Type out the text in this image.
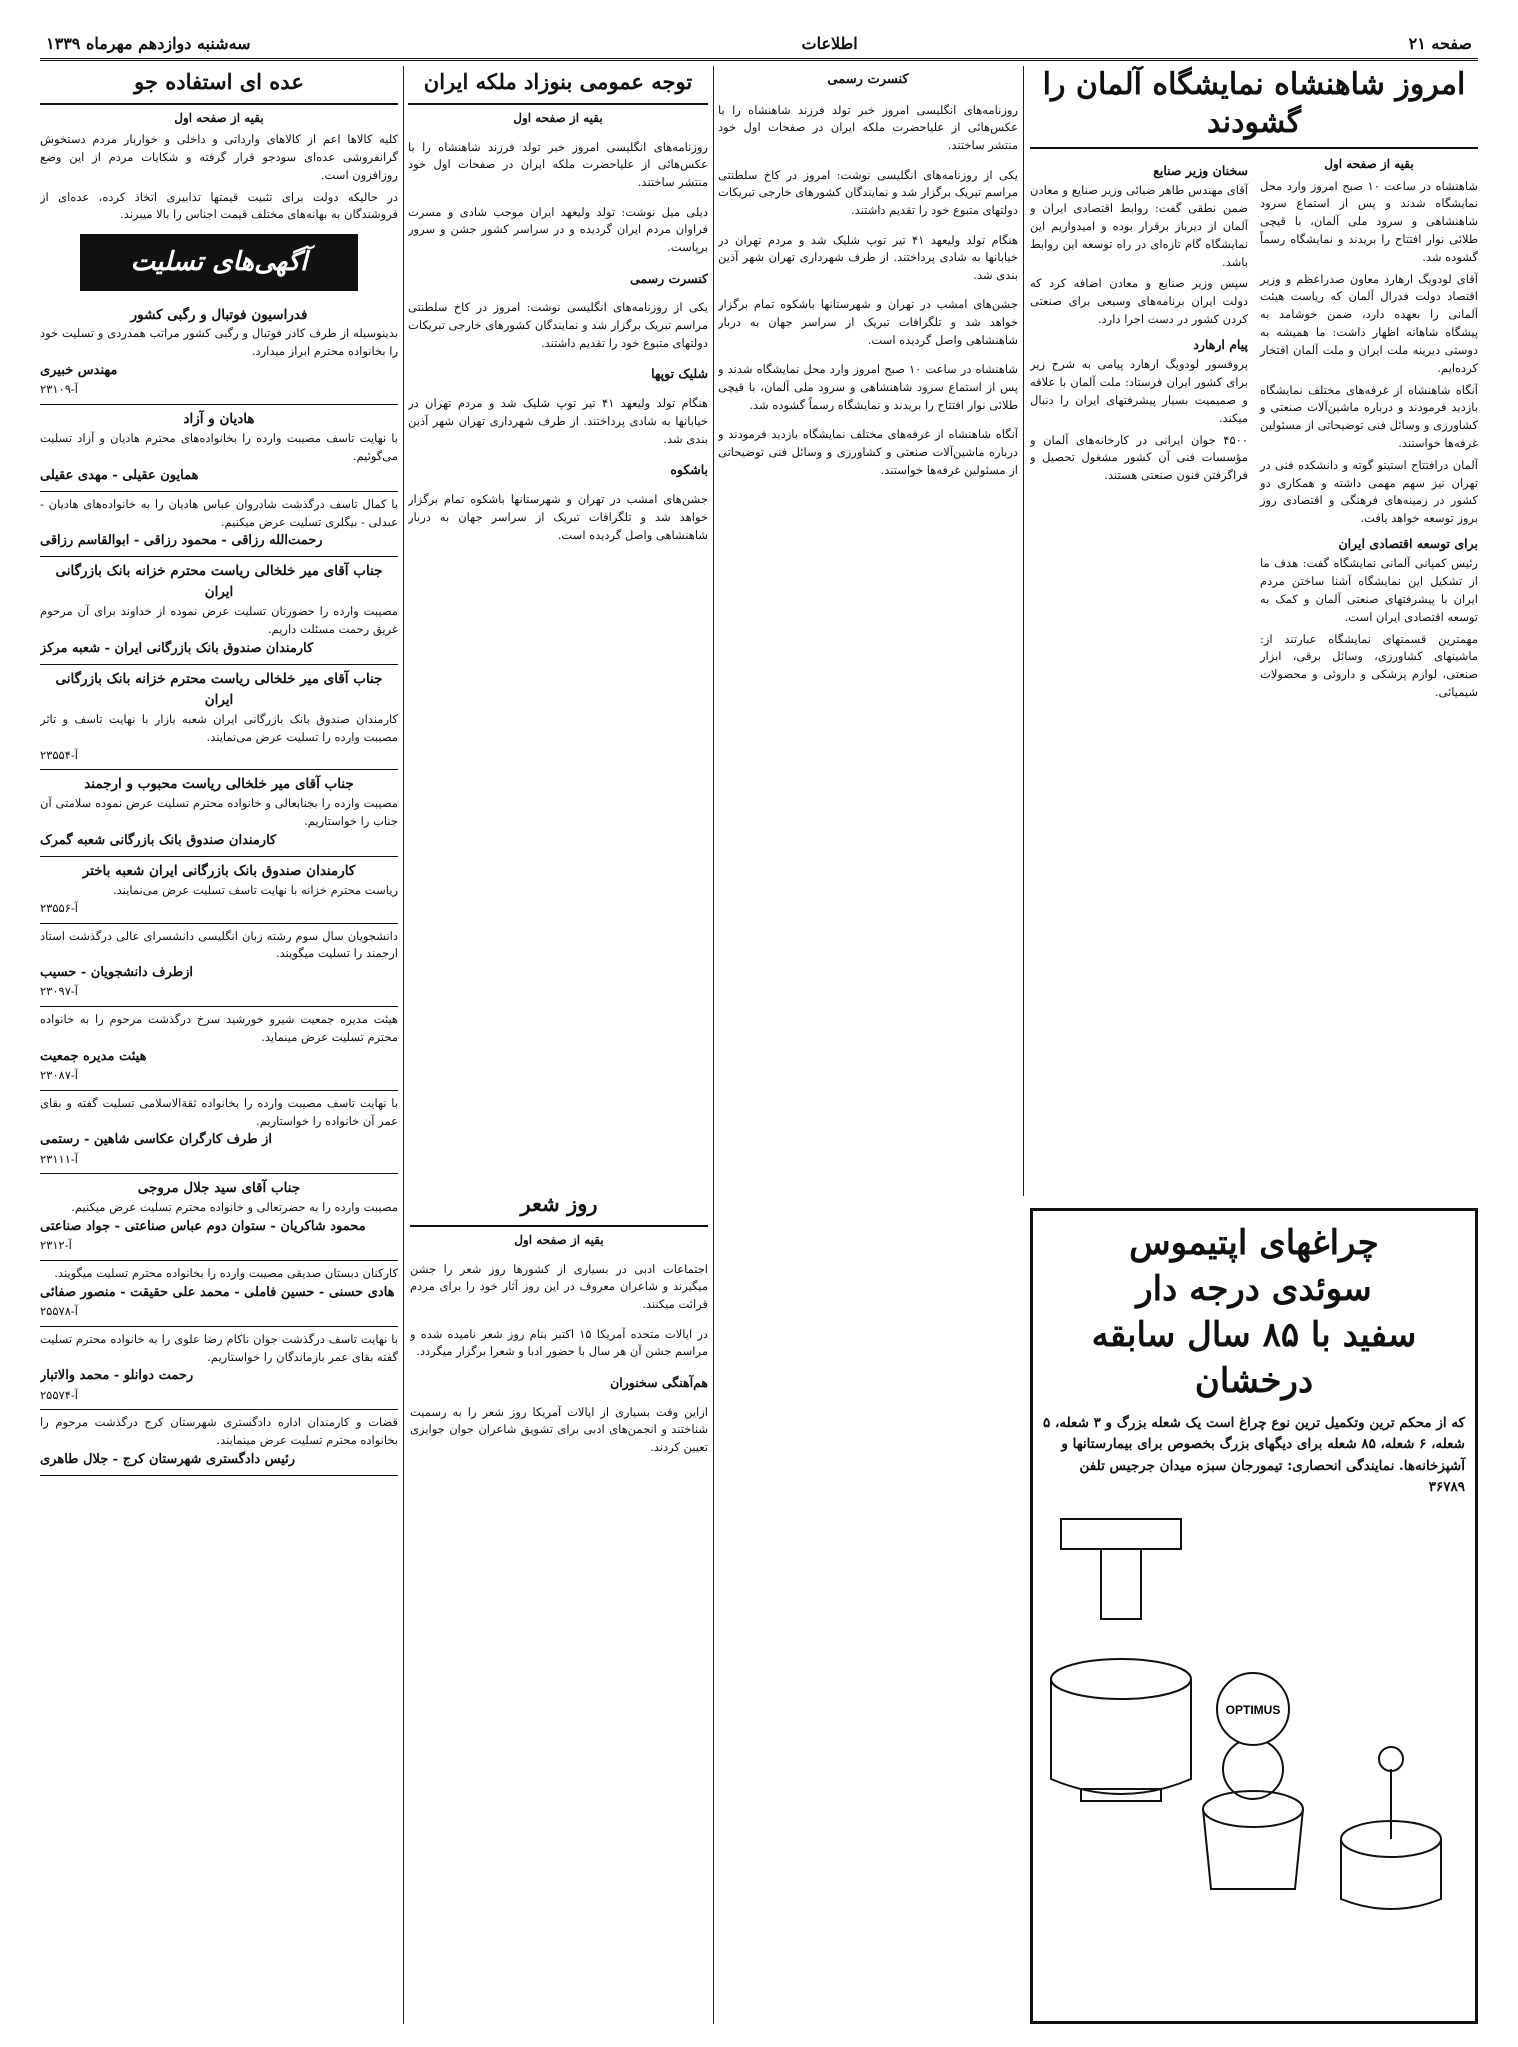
صفحه ۲۱
اطلاعات
سه‌شنبه دوازدهم مهرماه ۱۳۳۹
امروز شاهنشاه نمایشگاه آلمان را گشودند
بقیه از صفحه اول

شاهنشاه در ساعت ۱۰ صبح امروز وارد محل نمایشگاه شدند و پس از استماع سرود شاهنشاهی و سرود ملی آلمان، با قیچی طلائی نوار افتتاح را بریدند و نمایشگاه رسماً گشوده شد.

آقای لودویگ ارهارد معاون صدراعظم و وزیر اقتصاد دولت فدرال آلمان که ریاست هیئت آلمانی را بعهده دارد، ضمن خوشامد به پیشگاه شاهانه اظهار داشت: ما همیشه به دوستی دیرینه ملت ایران و ملت آلمان افتخار کرده‌ایم.

آنگاه شاهنشاه از غرفه‌های مختلف نمایشگاه بازدید فرمودند و درباره ماشین‌آلات صنعتی و کشاورزی و وسائل فنی توضیحاتی از مسئولین غرفه‌ها خواستند.

آلمان درافتتاح استیتو گوته و دانشکده فنی در تهران نیز سهم مهمی داشته و همکاری دو کشور در زمینه‌های فرهنگی و اقتصادی روز بروز توسعه خواهد یافت.

برای توسعه اقتصادی ایران

رئیس کمپانی آلمانی نمایشگاه گفت: هدف ما از تشکیل این نمایشگاه آشنا ساختن مردم ایران با پیشرفتهای صنعتی آلمان و کمک به توسعه اقتصادی ایران است.

مهمترین قسمتهای نمایشگاه عبارتند از: ماشینهای کشاورزی، وسائل برقی، ابزار صنعتی، لوازم پزشکی و داروئی و محصولات شیمیائی.

سخنان وزیر صنایع

آقای مهندس طاهر ضیائی وزیر صنایع و معادن ضمن نطقی گفت: روابط اقتصادی ایران و آلمان از دیرباز برقرار بوده و امیدواریم این نمایشگاه گام تازه‌ای در راه توسعه این روابط باشد.

سپس وزیر صنایع و معادن اضافه کرد که دولت ایران برنامه‌های وسیعی برای صنعتی کردن کشور در دست اجرا دارد.

پیام ارهارد

پروفسور لودویگ ارهارد پیامی به شرح زیر برای کشور ایران فرستاد: ملت آلمان با علاقه و صمیمیت بسیار پیشرفتهای ایران را دنبال میکند.

۴۵۰۰ جوان ایرانی در کارخانه‌های آلمان و مؤسسات فنی آن کشور مشغول تحصیل و فراگرفتن فنون صنعتی هستند.

چراغهای اپتیموس
سوئدی درجه دار
سفید با ۸۵ سال سابقه
درخشان
که از محکم ترین وتکمیل ترین نوع چراغ است یک شعله بزرگ و ۳ شعله، ۵ شعله، ۶ شعله، ۸۵ شعله برای دیگهای بزرگ بخصوص برای بیمارستانها و آشپزخانه‌ها. نمایندگی انحصاری: تیمورجان سبزه میدان جرجیس تلفن ۳۶۷۸۹
OPTIMUS
روز شعر
بقیه از صفحه اول

اجتماعات ادبی در بسیاری از کشورها روز شعر را جشن میگیرند و شاعران معروف در این روز آثار خود را برای مردم قرائت میکنند.

در ایالات متحده آمریکا ۱۵ اکتبر بنام روز شعر نامیده شده و مراسم جشن آن هر سال با حضور ادبا و شعرا برگزار میگردد.

هم‌آهنگی سخنوران

ازاین وقت بسیاری از ایالات آمریکا روز شعر را به رسمیت شناختند و انجمن‌های ادبی برای تشویق شاعران جوان جوایزی تعیین کردند.

توجه عمومی بنوزاد ملکه ایران
بقیه از صفحه اول

روزنامه‌های انگلیسی امروز خبر تولد فرزند شاهنشاه را با عکس‌هائی از علیاحضرت ملکه ایران در صفحات اول خود منتشر ساختند.

دیلی میل نوشت: تولد ولیعهد ایران موجب شادی و مسرت فراوان مردم ایران گردیده و در سراسر کشور جشن و سرور برپاست.

کنسرت رسمی

یکی از روزنامه‌های انگلیسی نوشت: امروز در کاخ سلطنتی مراسم تبریک برگزار شد و نمایندگان کشورهای خارجی تبریکات دولتهای متبوع خود را تقدیم داشتند.

شلیک توپها

هنگام تولد ولیعهد ۴۱ تیر توپ شلیک شد و مردم تهران در خیابانها به شادی پرداختند. از طرف شهرداری تهران شهر آذین بندی شد.

باشکوه

جشن‌های امشب در تهران و شهرستانها باشکوه تمام برگزار خواهد شد و تلگرافات تبریک از سراسر جهان به دربار شاهنشاهی واصل گردیده است.

کنسرت رسمی

روزنامه‌های انگلیسی امروز خبر تولد فرزند شاهنشاه را با عکس‌هائی از علیاحضرت ملکه ایران در صفحات اول خود منتشر ساختند.

یکی از روزنامه‌های انگلیسی نوشت: امروز در کاخ سلطنتی مراسم تبریک برگزار شد و نمایندگان کشورهای خارجی تبریکات دولتهای متبوع خود را تقدیم داشتند.

هنگام تولد ولیعهد ۴۱ تیر توپ شلیک شد و مردم تهران در خیابانها به شادی پرداختند. از طرف شهرداری تهران شهر آذین بندی شد.

جشن‌های امشب در تهران و شهرستانها باشکوه تمام برگزار خواهد شد و تلگرافات تبریک از سراسر جهان به دربار شاهنشاهی واصل گردیده است.

شاهنشاه در ساعت ۱۰ صبح امروز وارد محل نمایشگاه شدند و پس از استماع سرود شاهنشاهی و سرود ملی آلمان، با قیچی طلائی نوار افتتاح را بریدند و نمایشگاه رسماً گشوده شد.

آنگاه شاهنشاه از غرفه‌های مختلف نمایشگاه بازدید فرمودند و درباره ماشین‌آلات صنعتی و کشاورزی و وسائل فنی توضیحاتی از مسئولین غرفه‌ها خواستند.

عده ای استفاده جو
بقیه از صفحه اول

کلیه کالاها اعم از کالاهای وارداتی و داخلی و خواربار مردم دستخوش گرانفروشی عده‌ای سودجو قرار گرفته و شکایات مردم از این وضع روزافزون است.

در حالیکه دولت برای تثبیت قیمتها تدابیری اتخاذ کرده، عده‌ای از فروشندگان به بهانه‌های مختلف قیمت اجناس را بالا میبرند.

آگهی‌های تسلیت
فدراسیون فوتبال و رگبی کشور
بدینوسیله از طرف کادر فوتبال و رگبی کشور مراتب همدردی و تسلیت خود را بخانواده محترم ابراز میدارد.
مهندس خبیری
آ-۲۳۱۰۹
هادیان و آزاد
با نهایت تاسف مصیبت وارده را بخانواده‌های محترم هادیان و آزاد تسلیت می‌گوئیم.
همایون عقیلی - مهدی عقیلی
با کمال تاسف درگذشت شادروان عباس هادیان را به خانواده‌های هادیان - عبدلی - بیگلری تسلیت عرض میکنیم.
رحمت‌الله رزاقی - محمود رزاقی - ابوالقاسم رزاقی
جناب آقای میر خلخالی ریاست محترم خزانه بانک بازرگانی ایران
مصیبت وارده را حضورتان تسلیت عرض نموده از خداوند برای آن مرحوم غریق رحمت مسئلت داریم.
کارمندان صندوق بانک بازرگانی ایران - شعبه مرکز
جناب آقای میر خلخالی ریاست محترم خزانه بانک بازرگانی ایران
کارمندان صندوق بانک بازرگانی ایران شعبه بازار با نهایت تاسف و تاثر مصیبت وارده را تسلیت عرض می‌نمایند.
آ-۲۳۵۵۴
جناب آقای میر خلخالی ریاست محبوب و ارجمند
مصیبت وارده را بجنابعالی و خانواده محترم تسلیت عرض نموده سلامتی آن جناب را خواستاریم.
کارمندان صندوق بانک بازرگانی شعبه گمرک
کارمندان صندوق بانک بازرگانی ایران شعبه باختر
ریاست محترم خزانه با نهایت تاسف تسلیت عرض می‌نمایند.
آ-۲۳۵۵۶
دانشجویان سال سوم رشته زبان انگلیسی دانشسرای عالی درگذشت استاد ارجمند را تسلیت میگویند.
ازطرف دانشجویان - حسیب
آ-۲۳۰۹۷
هیئت مدیره جمعیت شیرو خورشید سرخ درگذشت مرحوم را به خانواده محترم تسلیت عرض مینماید.
هیئت مدیره جمعیت
آ-۲۳۰۸۷
با نهایت تاسف مصیبت وارده را بخانواده ثقةالاسلامی تسلیت گفته و بقای عمر آن خانواده را خواستاریم.
از طرف کارگران عکاسی شاهین - رستمی
آ-۲۳۱۱۱
جناب آقای سید جلال مروجی
مصیبت وارده را به حضرتعالی و خانواده محترم تسلیت عرض میکنیم.
محمود شاکریان - ستوان دوم عباس صناعتی - جواد صناعتی
آ-۲۳۱۲
کارکنان دبستان صدیقی مصیبت وارده را بخانواده محترم تسلیت میگویند.
هادی حسنی - حسین فاملی - محمد علی حقیقت - منصور صفائی
آ-۲۵۵۷۸
با نهایت تاسف درگذشت جوان ناکام رضا علوی را به خانواده محترم تسلیت گفته بقای عمر بازماندگان را خواستاریم.
رحمت دوانلو - محمد والاتبار
آ-۲۵۵۷۴
قضات و کارمندان اداره دادگستری شهرستان کرج درگذشت مرحوم را بخانواده محترم تسلیت عرض مینمایند.
رئیس دادگستری شهرستان کرج - جلال طاهری
